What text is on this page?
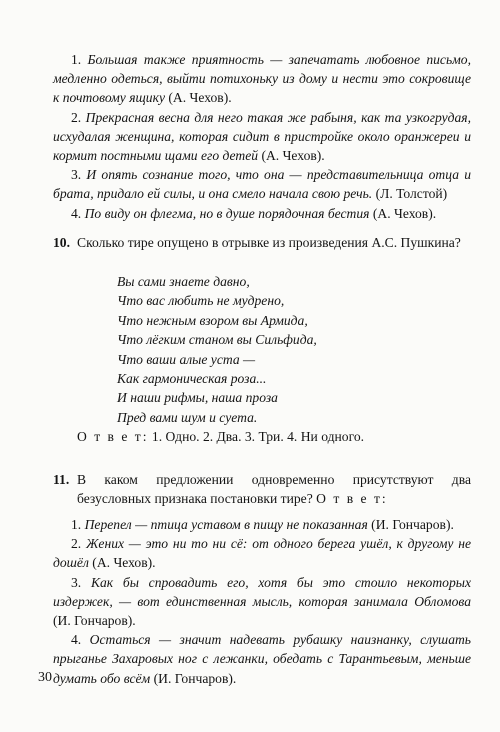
1. Большая также приятность — запечатать любовное письмо, медленно одеться, выйти потихоньку из дому и нести это сокровище к почтовому ящику (А. Чехов).

2. Прекрасная весна для него такая же рабыня, как та узкогрудая, исхудалая женщина, которая сидит в пристройке около оранжереи и кормит постными щами его детей (А. Чехов).

3. И опять сознание того, что она — представительница отца и брата, придало ей силы, и она смело начала свою речь. (Л. Толстой)

4. По виду он флегма, но в душе порядочная бестия (А. Чехов).

10. Сколько тире опущено в отрывке из произведения А.С. Пушкина?
Вы сами знаете давно,
Что вас любить не мудрено,
Что нежным взором вы Армида,
Что лёгким станом вы Сильфида,
Что ваши алые уста —
Как гармоническая роза...
И наши рифмы, наша проза
Пред вами шум и суета.
О т в е т: 1. Одно. 2. Два. 3. Три. 4. Ни одного.
11. В каком предложении одновременно присутствуют два безусловных признака постановки тире? О т в е т:

1. Перепел — птица уставом в пищу не показанная (И. Гончаров).

2. Жених — это ни то ни сё: от одного берега ушёл, к другому не дошёл (А. Чехов).

3. Как бы спровадить его, хотя бы это стоило некоторых издержек, — вот единственная мысль, которая занимала Обломова (И. Гончаров).

4. Остаться — значит надевать рубашку наизнанку, слушать прыганье Захаровых ног с лежанки, обедать с Тарантьевым, меньше думать обо всём (И. Гончаров).

30
